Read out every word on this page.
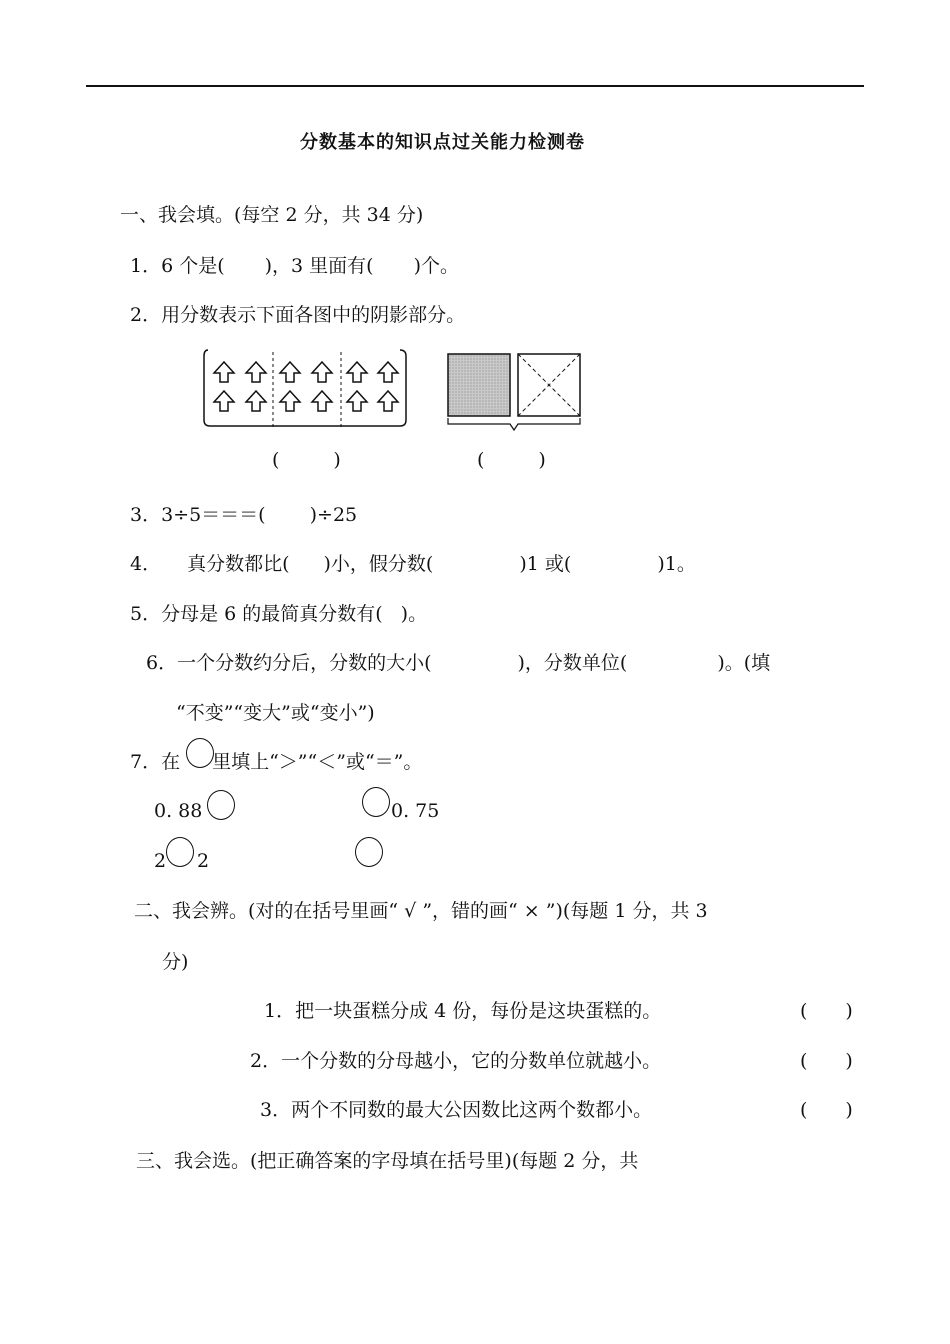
分数基本的知识点过关能力检测卷
一、我会填。(每空 2 分，共 34 分)
1．6 个是( )，3 里面有( )个。
2．用分数表示下面各图中的阴影部分。
(	)	(	)
3．3÷5＝＝＝( )÷25
4． 真分数都比( )小，假分数(	)1 或(	)1。
5．分母是 6 的最简真分数有( )。
6．一个分数约分后，分数的大小(	)，分数单位(	)。(填
“不变”“变大”或“变小”)
7．在 里填上“＞”“＜”或“＝”。
0. 88	0. 75
2 2
二、我会辨。(对的在括号里画“ √ ”，错的画“ × ”)(每题 1 分，共 3
分)
1．把一块蛋糕分成 4 份，每份是这块蛋糕的。	(　　)
2．一个分数的分母越小，它的分数单位就越小。	(　　)
3．两个不同数的最大公因数比这两个数都小。	(　　)
三、我会选。(把正确答案的字母填在括号里)(每题 2 分，共
